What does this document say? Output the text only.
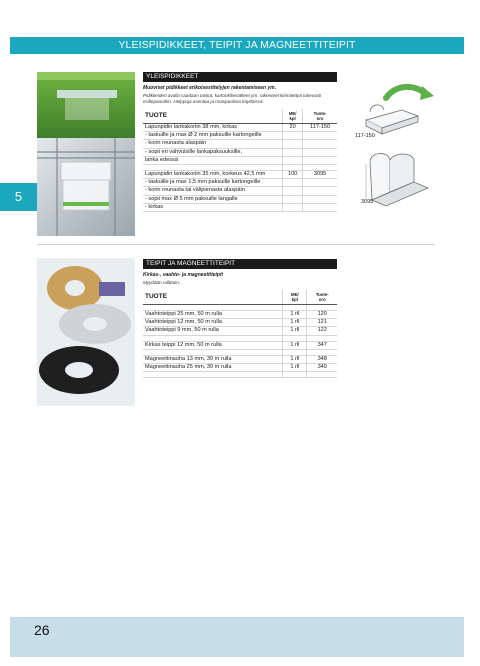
YLEISPIDIKKEET, TEIPIT JA MAGNEETTITEIPIT
5
26
YLEISPIDIKKEET
Muoviset pidikkeet erikoisesittelyjen rakentamiseen ym.
Pidikkeiden avulla saadaan taskut, kartonkihenälteet ym. rakenteet kiinnitettyä tukevasti esillepanoihin. Helppoja asentaa ja monipuolisia käyttöissä.
TUOTE	ME/
kpl	Tuote-
nro
Lapunpidin lankakoriin 38 mm, kirkas	20	117-150
- taskuille ja max Ø 2 mm paksuille kartongeille		
- korin reunasta alaspäin		
- sopii eri vahvuisille lankapaksuuksille,		
lanka edessä		

Lapunpidin lankakoriin 35 mm, korkeus 42,5 mm	100	3095
- taskuille ja max 1,5 mm paksuille kartongeille		
- korin reunasta tai välipienasta alaspäin		
- sopii max Ø 5 mm paksuille langalle		
- kirkas		
117-150
3095
TEIPIT JA MAGNEETTITEIPIT
Kirkas-, vaahto- ja magneettiteipit
Myydään rullittain.
TUOTE	ME/
kpl	Tuote-
nro

Vaahtoteippi 25 mm, 50 m rulla	1 rll	120
Vaahtoteippi 12 mm, 50 m rulla	1 rll	121
Vaahtoteippi 9 mm, 50 m rulla	1 rll	122

Kirkas teippi 12 mm, 50 m rulla	1 rll	347

Magneettinauha 13 mm, 30 m rulla	1 rll	348
Magneettinauha 25 mm, 30 m rulla	1 rll	349
